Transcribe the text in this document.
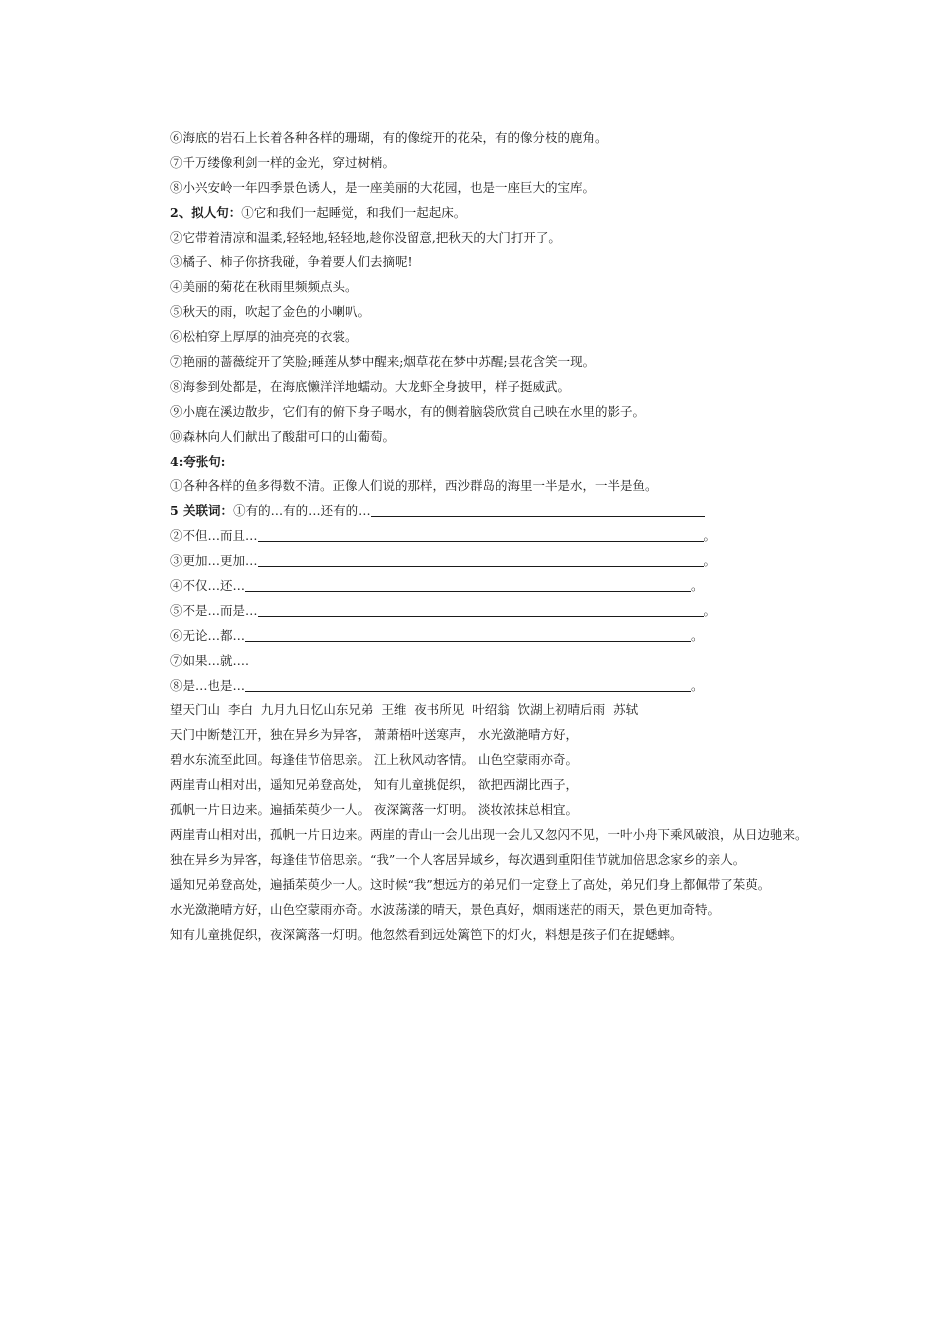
⑥海底的岩石上长着各种各样的珊瑚，有的像绽开的花朵，有的像分枝的鹿角。
⑦千万缕像利剑一样的金光，穿过树梢。
⑧小兴安岭一年四季景色诱人，是一座美丽的大花园，也是一座巨大的宝库。
2、拟人句：①它和我们一起睡觉，和我们一起起床。
②它带着清凉和温柔,轻轻地,轻轻地,趁你没留意,把秋天的大门打开了。
③橘子、柿子你挤我碰，争着要人们去摘呢!
④美丽的菊花在秋雨里频频点头。
⑤秋天的雨，吹起了金色的小喇叭。
⑥松柏穿上厚厚的油亮亮的衣裳。
⑦艳丽的蔷薇绽开了笑脸;睡莲从梦中醒来;烟草花在梦中苏醒;昙花含笑一现。
⑧海参到处都是，在海底懒洋洋地蠕动。大龙虾全身披甲，样子挺威武。
⑨小鹿在溪边散步，它们有的俯下身子喝水，有的侧着脑袋欣赏自己映在水里的影子。
⑩森林向人们献出了酸甜可口的山葡萄。
4:夸张句:
①各种各样的鱼多得数不清。正像人们说的那样，西沙群岛的海里一半是水，一半是鱼。
5 关联词：①有的…有的…还有的…
②不但…而且…	。
③更加…更加…	。
④不仅…还…	。
⑤不是…而是…	。
⑥无论…都…	。
⑦如果…就….
⑧是…也是…	。
望天门山  李白  九月九日忆山东兄弟  王维  夜书所见  叶绍翁  饮湖上初晴后雨  苏轼
天门中断楚江开， 独在异乡为异客， 萧萧梧叶送寒声， 水光潋滟晴方好，
碧水东流至此回。 每逢佳节倍思亲。 江上秋风动客情。 山色空蒙雨亦奇。
两崖青山相对出， 遥知兄弟登高处， 知有儿童挑促织， 欲把西湖比西子，
孤帆一片日边来。 遍插茱萸少一人。 夜深篱落一灯明。 淡妆浓抹总相宜。
两崖青山相对出，孤帆一片日边来。两崖的青山一会儿出现一会儿又忽闪不见，一叶小舟下乘风破浪，从日边驰来。
独在异乡为异客，每逢佳节倍思亲。“我”一个人客居异域乡，每次遇到重阳佳节就加倍思念家乡的亲人。
遥知兄弟登高处，遍插茱萸少一人。这时候“我”想远方的弟兄们一定登上了高处，弟兄们身上都佩带了茱萸。
水光潋滟晴方好，山色空蒙雨亦奇。水波荡漾的晴天，景色真好，烟雨迷茫的雨天，景色更加奇特。
知有儿童挑促织，夜深篱落一灯明。他忽然看到远处篱笆下的灯火，料想是孩子们在捉蟋蟀。
